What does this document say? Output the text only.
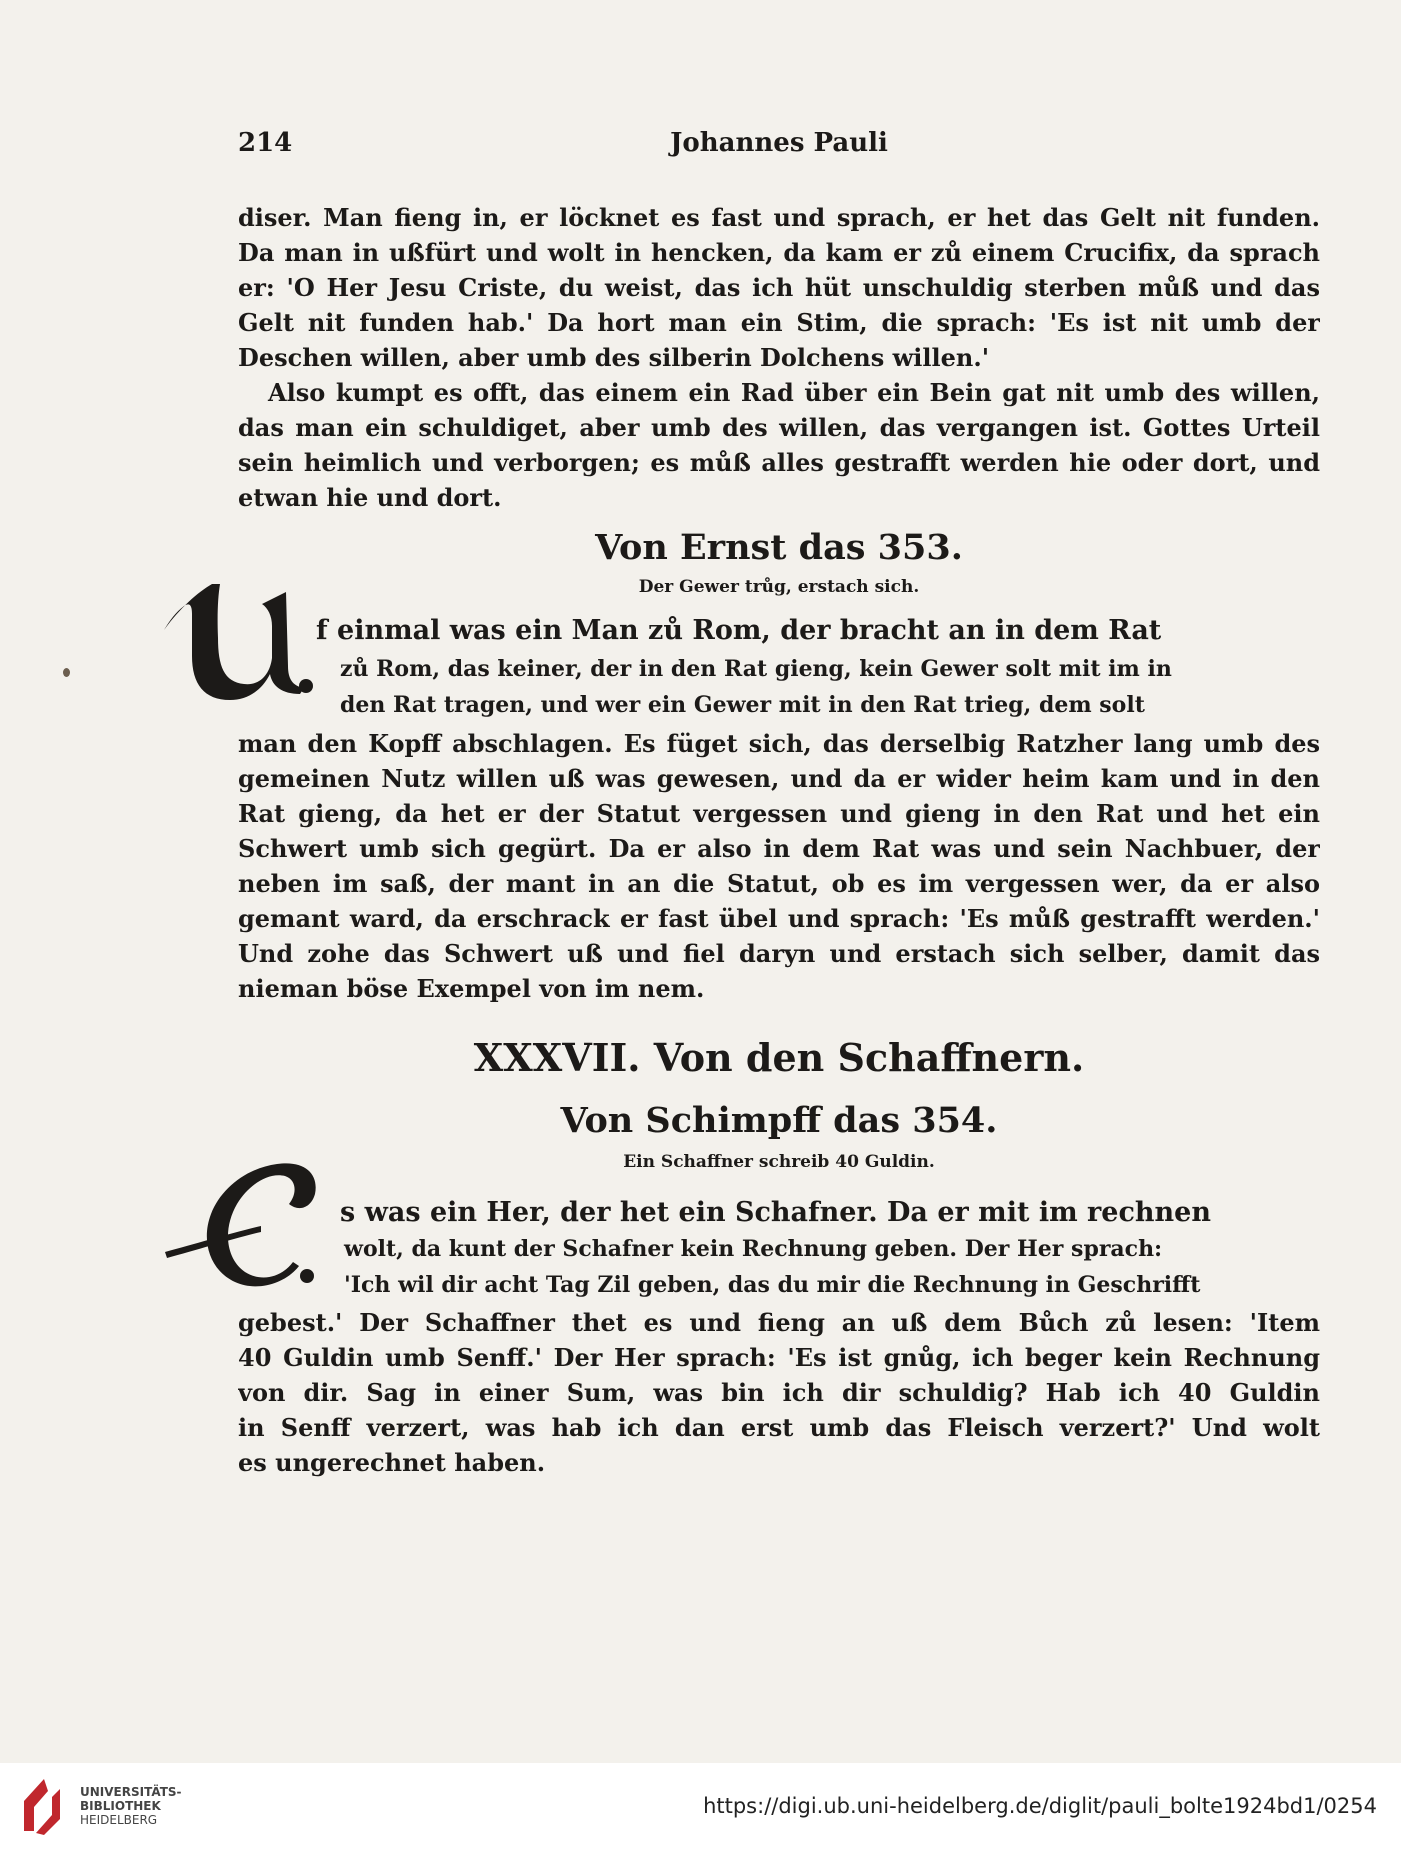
214	Johannes Pauli
diser. Man fieng in, er löcknet es fast und sprach, er het das Gelt nit funden.
Da man in ußfürt und wolt in hencken, da kam er zů einem Crucifix, da sprach
er: 'O Her Jesu Criste, du weist, das ich hüt unschuldig sterben můß und das
Gelt nit funden hab.' Da hort man ein Stim, die sprach: 'Es ist nit umb der
Deschen willen, aber umb des silberin Dolchens willen.'
Also kumpt es offt, das einem ein Rad über ein Bein gat nit umb des willen,
das man ein schuldiget, aber umb des willen, das vergangen ist. Gottes Urteil
sein heimlich und verborgen; es můß alles gestrafft werden hie oder dort, und
etwan hie und dort.
Von Ernst das 353.
Der Gewer trůg, erstach sich.
f einmal was ein Man zů Rom, der bracht an in dem Rat
zů Rom, das keiner, der in den Rat gieng, kein Gewer solt mit im in
den Rat tragen, und wer ein Gewer mit in den Rat trieg, dem solt
man den Kopff abschlagen. Es füget sich, das derselbig Ratzher lang umb des
gemeinen Nutz willen uß was gewesen, und da er wider heim kam und in den
Rat gieng, da het er der Statut vergessen und gieng in den Rat und het ein
Schwert umb sich gegürt. Da er also in dem Rat was und sein Nachbuer, der
neben im saß, der mant in an die Statut, ob es im vergessen wer, da er also
gemant ward, da erschrack er fast übel und sprach: 'Es můß gestrafft werden.'
Und zohe das Schwert uß und fiel daryn und erstach sich selber, damit das
nieman böse Exempel von im nem.
XXXVII. Von den Schaffnern.
Von Schimpff das 354.
Ein Schaffner schreib 40 Guldin.
s was ein Her, der het ein Schafner. Da er mit im rechnen
wolt, da kunt der Schafner kein Rechnung geben. Der Her sprach:
'Ich wil dir acht Tag Zil geben, das du mir die Rechnung in Geschrifft
gebest.' Der Schaffner thet es und fieng an uß dem Bůch zů lesen: 'Item
40 Guldin umb Senff.' Der Her sprach: 'Es ist gnůg, ich beger kein Rechnung
von dir. Sag in einer Sum, was bin ich dir schuldig? Hab ich 40 Guldin
in Senff verzert, was hab ich dan erst umb das Fleisch verzert?' Und wolt
es ungerechnet haben.
UNIVERSITÄTS-
BIBLIOTHEK
HEIDELBERG
https://digi.ub.uni-heidelberg.de/diglit/pauli_bolte1924bd1/0254
